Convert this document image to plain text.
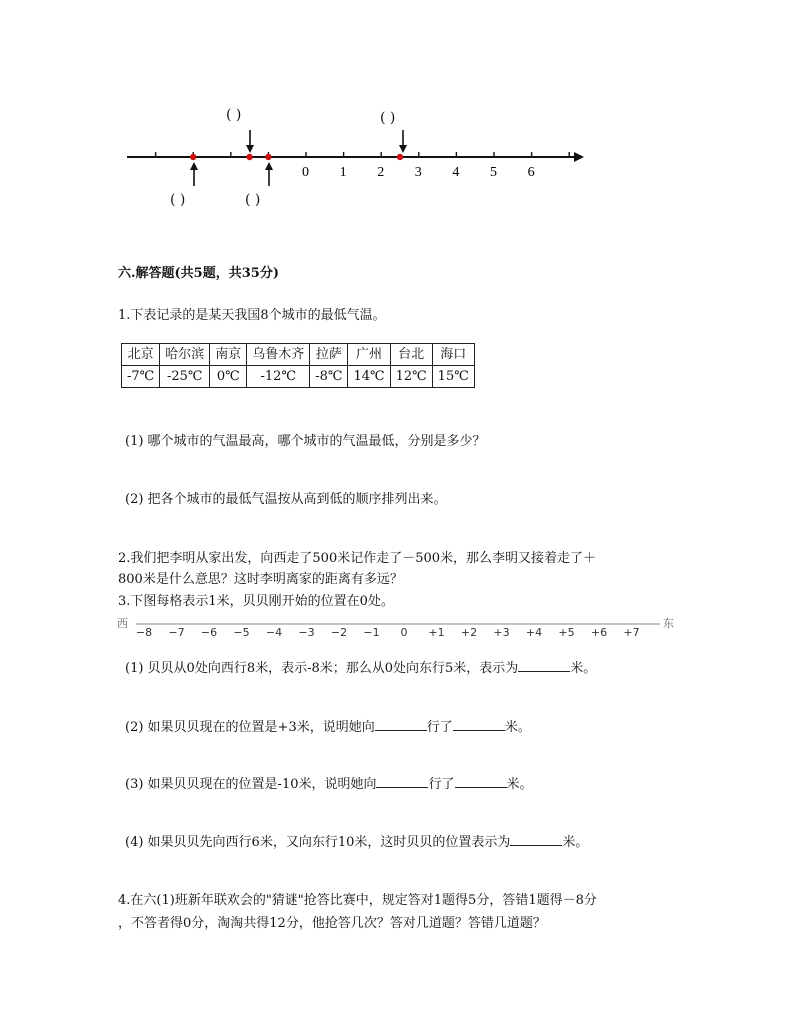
0 1 2 3 4 5 6
( )	( )
( )	( )
六.解答题(共5题，共35分)
1.下表记录的是某天我国8个城市的最低气温。
北京	哈尔滨	南京	乌鲁木齐	拉萨	广州	台北	海口
-7℃	-25℃	0℃	-12℃	-8℃	14℃	12℃	15℃
(1) 哪个城市的气温最高，哪个城市的气温最低，分别是多少？
(2) 把各个城市的最低气温按从高到低的顺序排列出来。
2.我们把李明从家出发，向西走了500米记作走了－500米，那么李明又接着走了＋
800米是什么意思？这时李明离家的距离有多远？
3.下图每格表示1米，贝贝刚开始的位置在0处。
西	东
−8 −7 −6 −5 −4 −3 −2 −1 0 +1 +2 +3 +4 +5 +6 +7
(1) 贝贝从0处向西行8米，表示-8米；那么从0处向东行5米，表示为	米。
(2) 如果贝贝现在的位置是+3米，说明她向	行了	米。
(3) 如果贝贝现在的位置是-10米，说明她向	行了	米。
(4) 如果贝贝先向西行6米，又向东行10米，这时贝贝的位置表示为	米。
4.在六(1)班新年联欢会的"猜谜"抢答比赛中，规定答对1题得5分，答错1题得－8分
，不答者得0分，淘淘共得12分，他抢答几次？答对几道题？答错几道题？
